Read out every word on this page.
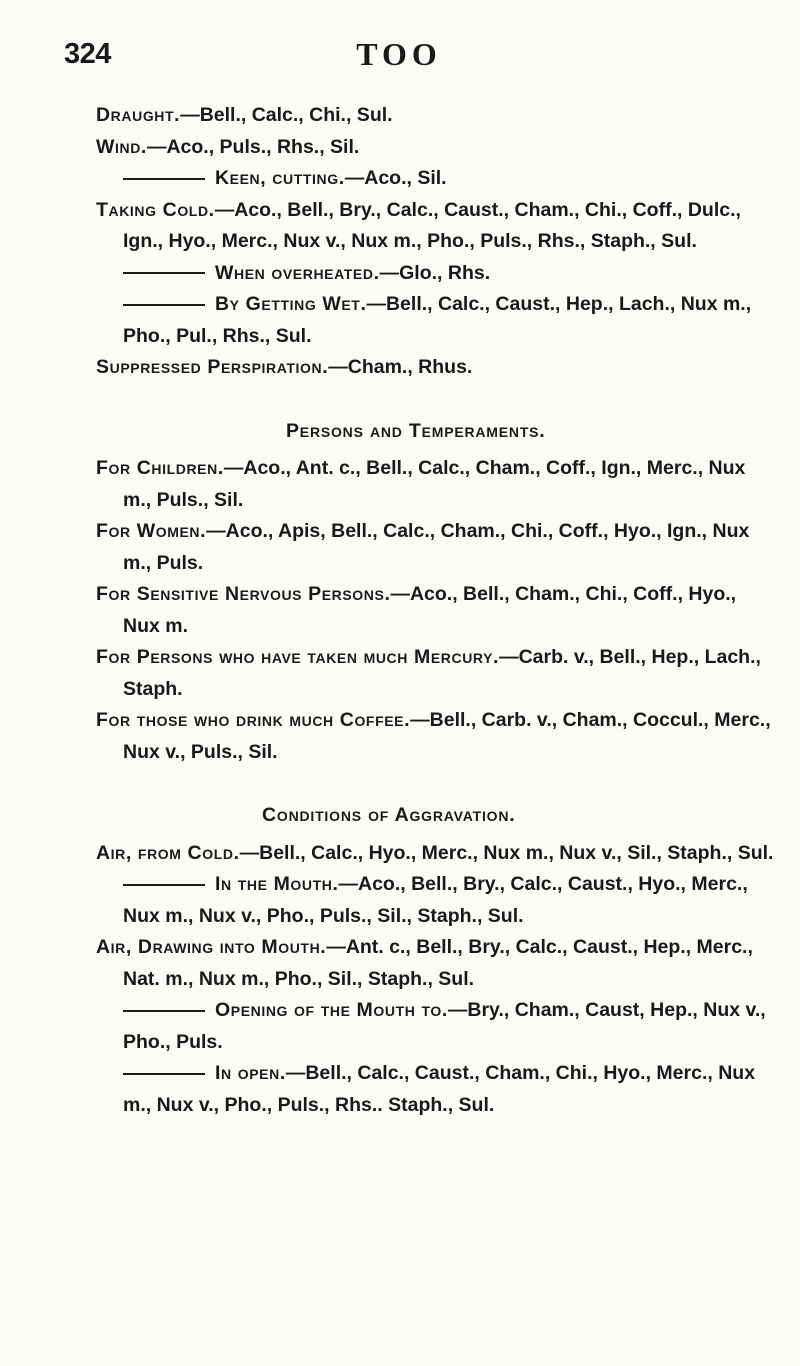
324	TOO
Draught.—Bell., Calc., Chi., Sul.
Wind.—Aco., Puls., Rhs., Sil.
Keen, cutting.—Aco., Sil.
Taking Cold.—Aco., Bell., Bry., Calc., Caust., Cham., Chi., Coff., Dulc., Ign., Hyo., Merc., Nux v., Nux m., Pho., Puls., Rhs., Staph., Sul.
When overheated.—Glo., Rhs.
By Getting Wet.—Bell., Calc., Caust., Hep., Lach., Nux m., Pho., Pul., Rhs., Sul.
Suppressed Perspiration.—Cham., Rhus.
Persons and Temperaments.
For Children.—Aco., Ant. c., Bell., Calc., Cham., Coff., Ign., Merc., Nux m., Puls., Sil.
For Women.—Aco., Apis, Bell., Calc., Cham., Chi., Coff., Hyo., Ign., Nux m., Puls.
For Sensitive Nervous Persons.—Aco., Bell., Cham., Chi., Coff., Hyo., Nux m.
For Persons who have taken much Mercury.—Carb. v., Bell., Hep., Lach., Staph.
For those who drink much Coffee.—Bell., Carb. v., Cham., Coccul., Merc., Nux v., Puls., Sil.
Conditions of Aggravation.
Air, from Cold.—Bell., Calc., Hyo., Merc., Nux m., Nux v., Sil., Staph., Sul.
In the Mouth.—Aco., Bell., Bry., Calc., Caust., Hyo., Merc., Nux m., Nux v., Pho., Puls., Sil., Staph., Sul.
Air, Drawing into Mouth.—Ant. c., Bell., Bry., Calc., Caust., Hep., Merc., Nat. m., Nux m., Pho., Sil., Staph., Sul.
Opening of the Mouth to.—Bry., Cham., Caust, Hep., Nux v., Pho., Puls.
In open.—Bell., Calc., Caust., Cham., Chi., Hyo., Merc., Nux m., Nux v., Pho., Puls., Rhs.. Staph., Sul.
